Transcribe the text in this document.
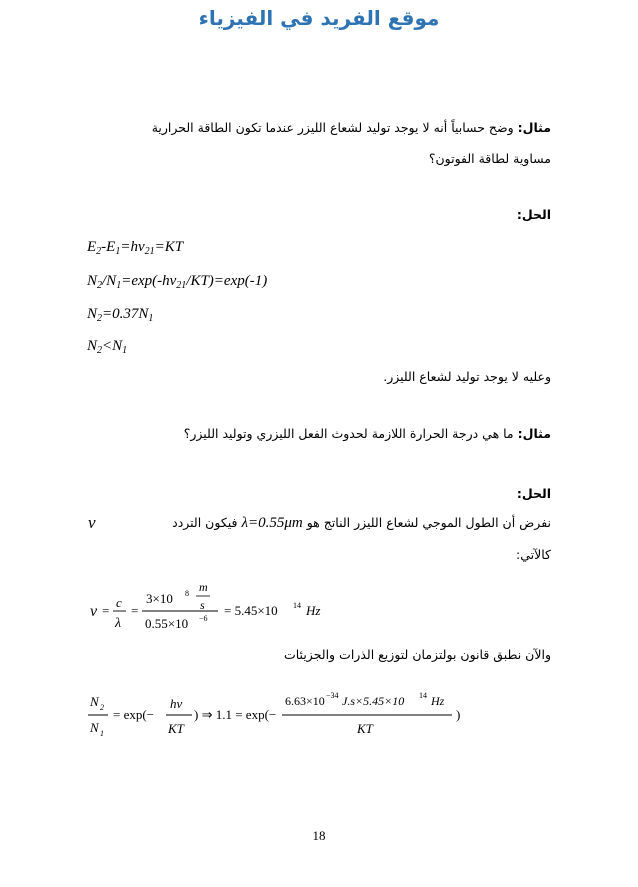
موقع الفريد في الفيزياء
مثال: وضح حسابياً أنه لا يوجد توليد لشعاع الليزر عندما تكون الطاقة الحرارية
مساوية لطاقة الفوتون؟
الحل:
$E_2-E_1=h\nu_{21}=KT$
$N_2/N_1=\exp(-h\nu_{21}/KT)=\exp(-1)$
$N_2=0.37N_1$
$N_2<N_1$
وعليه لا يوجد توليد لشعاع الليزر.
مثال: ما هي درجة الحرارة اللازمة لحدوث الفعل الليزري وتوليد الليزر؟
الحل:
نفرض أن الطول الموجي لشعاع الليزر الناتج هو λ=0.55μm فيكون التردد
ν
كالآتي:
ν =
c
λ
=
3×10 8 m
s
0.55×10 −6
= 5.45×10 14 Hz
والآن نطبق قانون بولتزمان لتوزيع الذرات والجزيئات
N 2
N 1
= exp(−
hν
KT
) ⇒ 1.1 = exp(−
6.63×10 −34 J.s×5.45×10 14 Hz
KT
)
18
